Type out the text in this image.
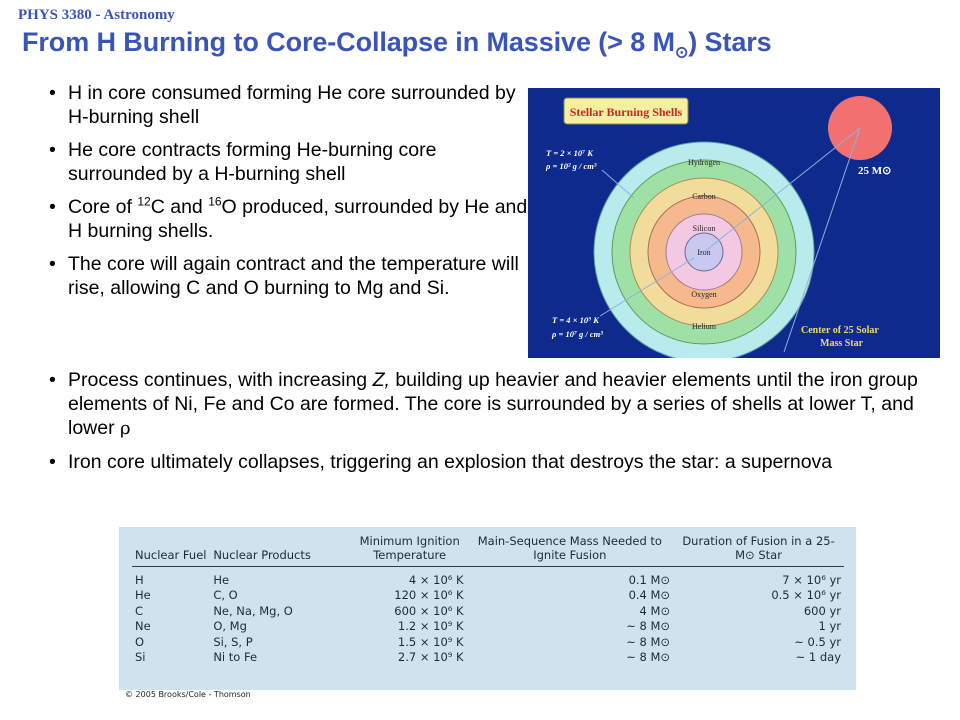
PHYS 3380 - Astronomy
From H Burning to Core-Collapse in Massive (> 8 $M_⊙$) Stars
• H in core consumed forming He core surrounded by H-burning shell
• He core contracts forming He-burning core surrounded by a H-burning shell
• Core of $^{12}$C and $^{16}$O produced, surrounded by He and H burning shells.
• The core will again contract and the temperature will rise, allowing C and O burning to Mg and Si.
Stellar Burning Shells
Hydrogen
Carbon
Silicon
Iron
Oxygen
Helium
25 M⊙
T = 2 × 10⁷ K
ρ = 10² g / cm³
T = 4 × 10⁹ K
ρ = 10⁷ g / cm³	Center of 25 Solar
Mass Star
• Process continues, with increasing Z, building up heavier and heavier elements until the iron group elements of Ni, Fe and Co are formed. The core is surrounded by a series of shells at lower T, and lower ρ
• Iron core ultimately collapses, triggering an explosion that destroys the star: a supernova
Nuclear Fuel	Nuclear Products	Minimum Ignition Temperature	Main-Sequence Mass Needed to Ignite Fusion	Duration of Fusion in a 25-M⊙ Star
H	He	4 × 10⁶ K	0.1 M⊙	7 × 10⁶ yr
He	C, O	120 × 10⁶ K	0.4 M⊙	0.5 × 10⁶ yr
C	Ne, Na, Mg, O	600 × 10⁶ K	4 M⊙	600 yr
Ne	O, Mg	1.2 × 10⁹ K	~ 8 M⊙	1 yr
O	Si, S, P	1.5 × 10⁹ K	~ 8 M⊙	~ 0.5 yr
Si	Ni to Fe	2.7 × 10⁹ K	~ 8 M⊙	~ 1 day
© 2005 Brooks/Cole - Thomson
